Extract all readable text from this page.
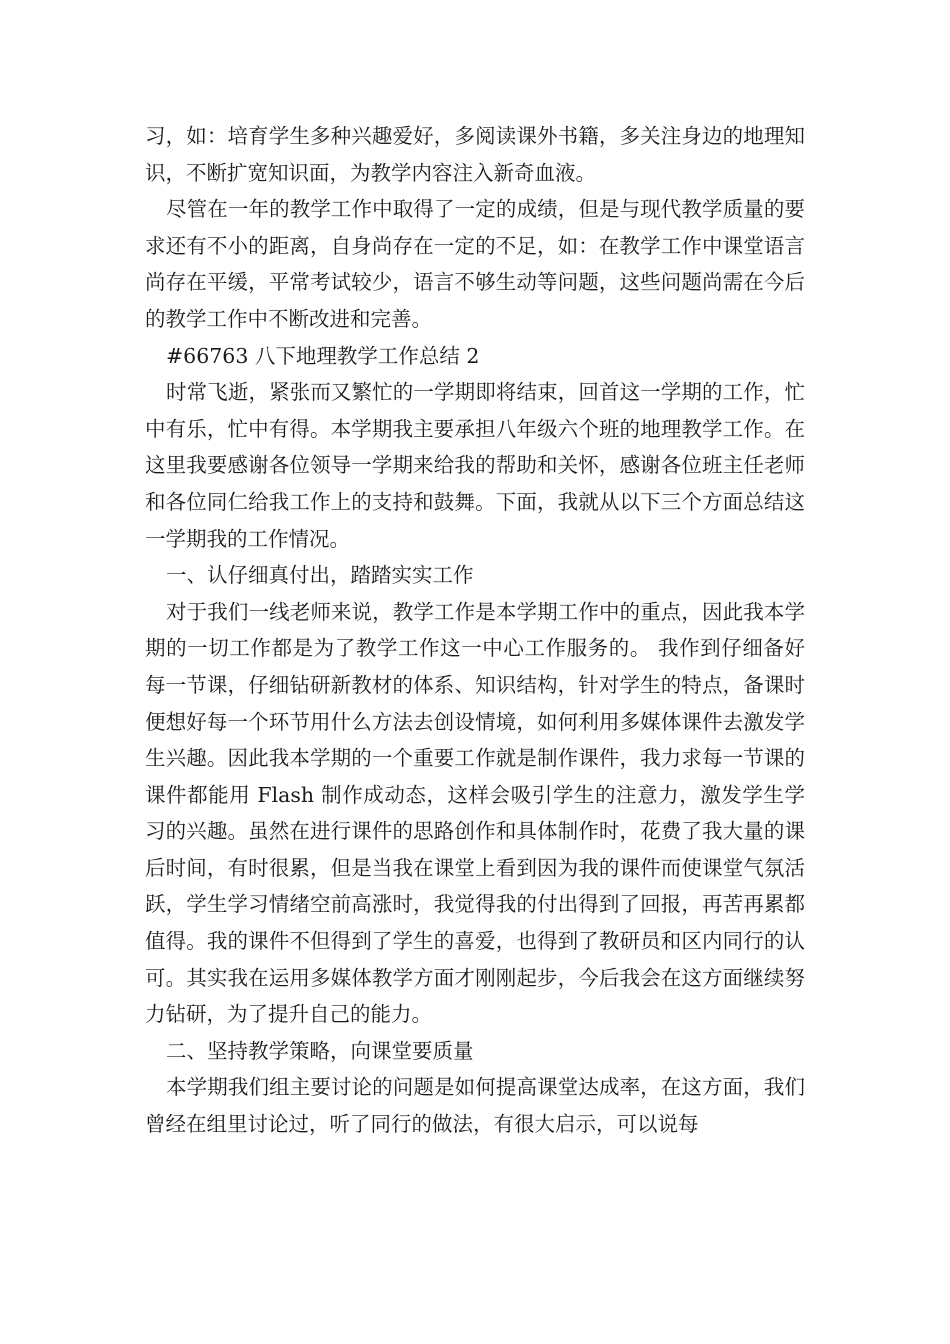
习，如：培育学生多种兴趣爱好，多阅读课外书籍，多关注身边的地理知识，不断扩宽知识面，为教学内容注入新奇血液。

尽管在一年的教学工作中取得了一定的成绩，但是与现代教学质量的要求还有不小的距离，自身尚存在一定的不足，如：在教学工作中课堂语言尚存在平缓，平常考试较少，语言不够生动等问题，这些问题尚需在今后的教学工作中不断改进和完善。

#66763 八下地理教学工作总结 2

时常飞逝，紧张而又繁忙的一学期即将结束，回首这一学期的工作，忙中有乐，忙中有得。本学期我主要承担八年级六个班的地理教学工作。在这里我要感谢各位领导一学期来给我的帮助和关怀，感谢各位班主任老师和各位同仁给我工作上的支持和鼓舞。下面，我就从以下三个方面总结这一学期我的工作情况。

一、认仔细真付出，踏踏实实工作

对于我们一线老师来说，教学工作是本学期工作中的重点，因此我本学期的一切工作都是为了教学工作这一中心工作服务的。 我作到仔细备好每一节课，仔细钻研新教材的体系、知识结构，针对学生的特点，备课时便想好每一个环节用什么方法去创设情境，如何利用多媒体课件去激发学生兴趣。因此我本学期的一个重要工作就是制作课件，我力求每一节课的课件都能用 Flash 制作成动态，这样会吸引学生的注意力，激发学生学习的兴趣。虽然在进行课件的思路创作和具体制作时，花费了我大量的课后时间，有时很累，但是当我在课堂上看到因为我的课件而使课堂气氛活跃，学生学习情绪空前高涨时，我觉得我的付出得到了回报，再苦再累都值得。我的课件不但得到了学生的喜爱，也得到了教研员和区内同行的认可。其实我在运用多媒体教学方面才刚刚起步，今后我会在这方面继续努力钻研，为了提升自己的能力。

二、坚持教学策略，向课堂要质量

本学期我们组主要讨论的问题是如何提高课堂达成率，在这方面，我们曾经在组里讨论过，听了同行的做法，有很大启示，可以说每
